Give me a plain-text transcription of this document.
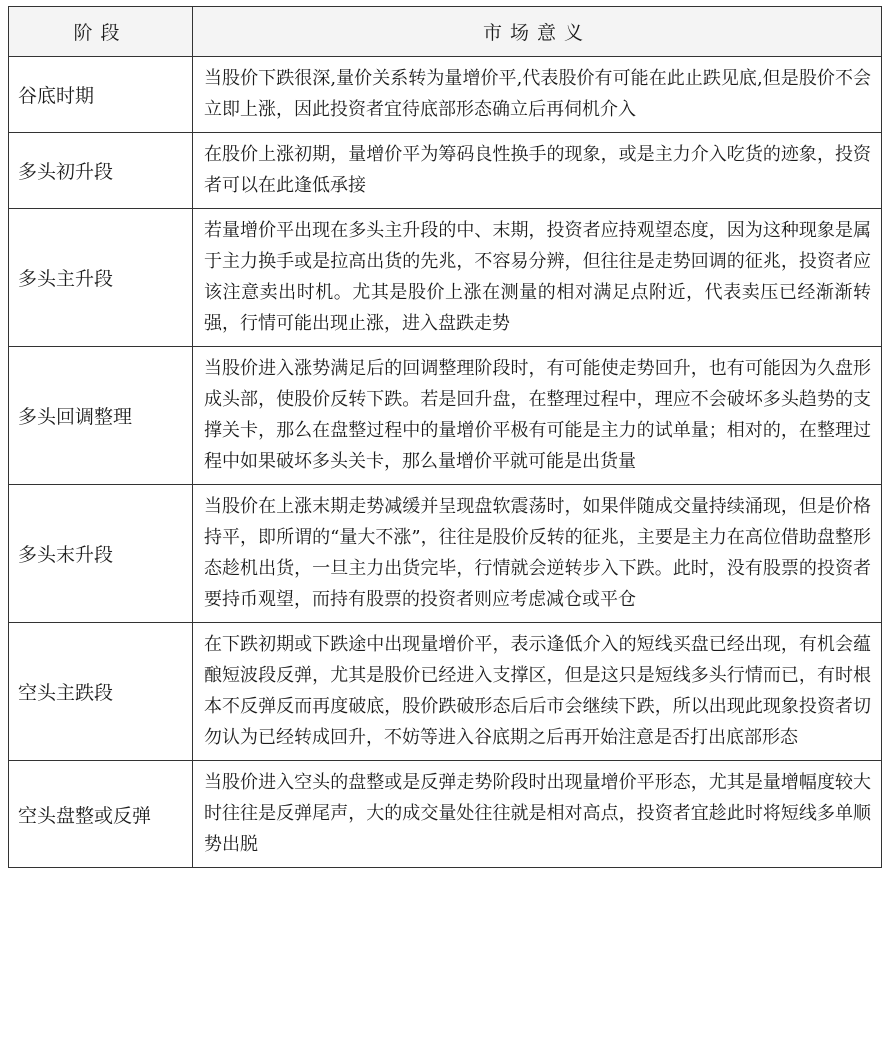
阶段	市场意义
谷底时期	当股价下跌很深,量价关系转为量增价平,代表股价有可能在此止跌见底,但是股价不会立即上涨，因此投资者宜待底部形态确立后再伺机介入
多头初升段	在股价上涨初期，量增价平为筹码良性换手的现象，或是主力介入吃货的迹象，投资者可以在此逢低承接
多头主升段	若量增价平出现在多头主升段的中、末期，投资者应持观望态度，因为这种现象是属于主力换手或是拉高出货的先兆，不容易分辨，但往往是走势回调的征兆，投资者应该注意卖出时机。尤其是股价上涨在测量的相对满足点附近，代表卖压已经渐渐转强，行情可能出现止涨，进入盘跌走势
多头回调整理	当股价进入涨势满足后的回调整理阶段时，有可能使走势回升，也有可能因为久盘形成头部，使股价反转下跌。若是回升盘，在整理过程中，理应不会破坏多头趋势的支撑关卡，那么在盘整过程中的量增价平极有可能是主力的试单量；相对的，在整理过程中如果破坏多头关卡，那么量增价平就可能是出货量
多头末升段	当股价在上涨末期走势减缓并呈现盘软震荡时，如果伴随成交量持续涌现，但是价格持平，即所谓的“量大不涨”，往往是股价反转的征兆，主要是主力在高位借助盘整形态趁机出货，一旦主力出货完毕，行情就会逆转步入下跌。此时，没有股票的投资者要持币观望，而持有股票的投资者则应考虑减仓或平仓
空头主跌段	在下跌初期或下跌途中出现量增价平，表示逢低介入的短线买盘已经出现，有机会蕴酿短波段反弹，尤其是股价已经进入支撑区，但是这只是短线多头行情而已，有时根本不反弹反而再度破底，股价跌破形态后后市会继续下跌，所以出现此现象投资者切勿认为已经转成回升，不妨等进入谷底期之后再开始注意是否打出底部形态
空头盘整或反弹	当股价进入空头的盘整或是反弹走势阶段时出现量增价平形态，尤其是量增幅度较大时往往是反弹尾声，大的成交量处往往就是相对高点，投资者宜趁此时将短线多单顺势出脱
